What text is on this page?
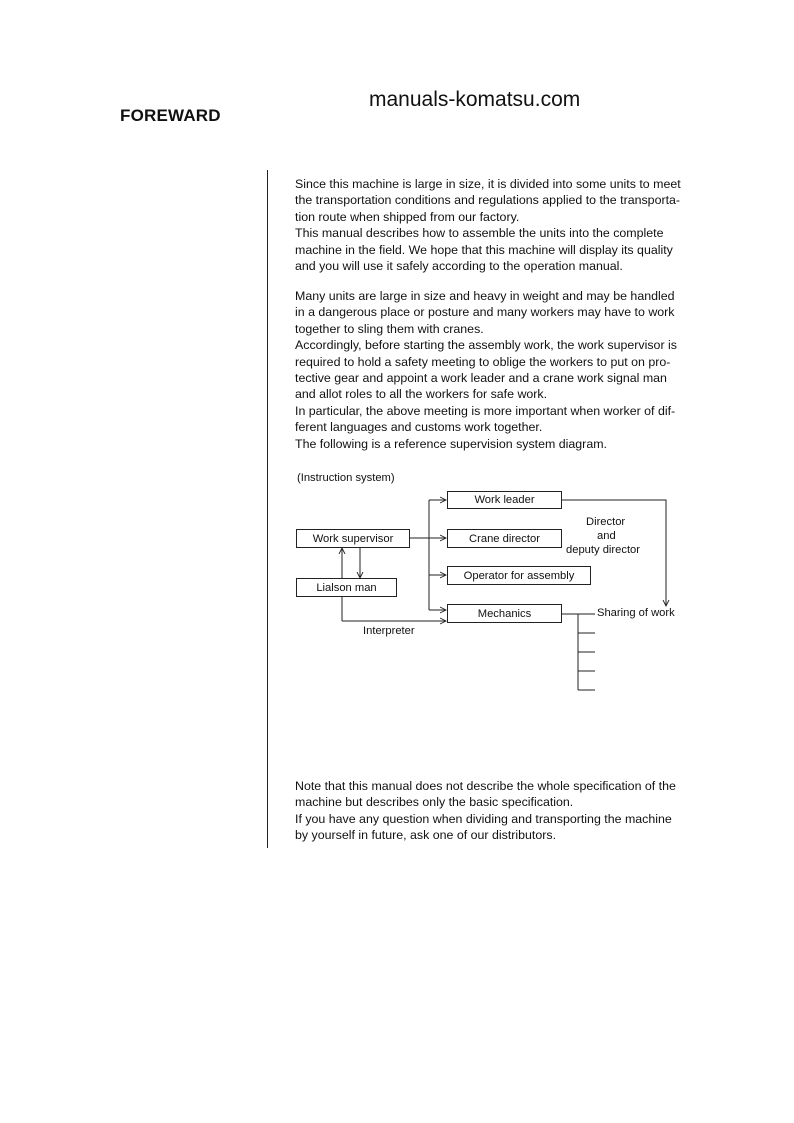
manuals-komatsu.com
FOREWARD

Since this machine is large in size, it is divided into some units to meet
the transportation conditions and regulations applied to the transporta-
tion route when shipped from our factory.
This manual describes how to assemble the units into the complete
machine in the field. We hope that this machine will display its quality
and you will use it safely according to the operation manual.

Many units are large in size and heavy in weight and may be handled
in a dangerous place or posture and many workers may have to work
together to sling them with cranes.
Accordingly, before starting the assembly work, the work supervisor is
required to hold a safety meeting to oblige the workers to put on pro-
tective gear and appoint a work leader and a crane work signal man
and allot roles to all the workers for safe work.
In particular, the above meeting is more important when worker of dif-
ferent languages and customs work together.
The following is a reference supervision system diagram.

(Instruction system)
Work leader
Work supervisor	Crane director
Operator for assembly
Lialson man
Mechanics
Director
and
deputy director
Sharing of work
Interpreter

Note that this manual does not describe the whole specification of the
machine but describes only the basic specification.
If you have any question when dividing and transporting the machine
by yourself in future, ask one of our distributors.
